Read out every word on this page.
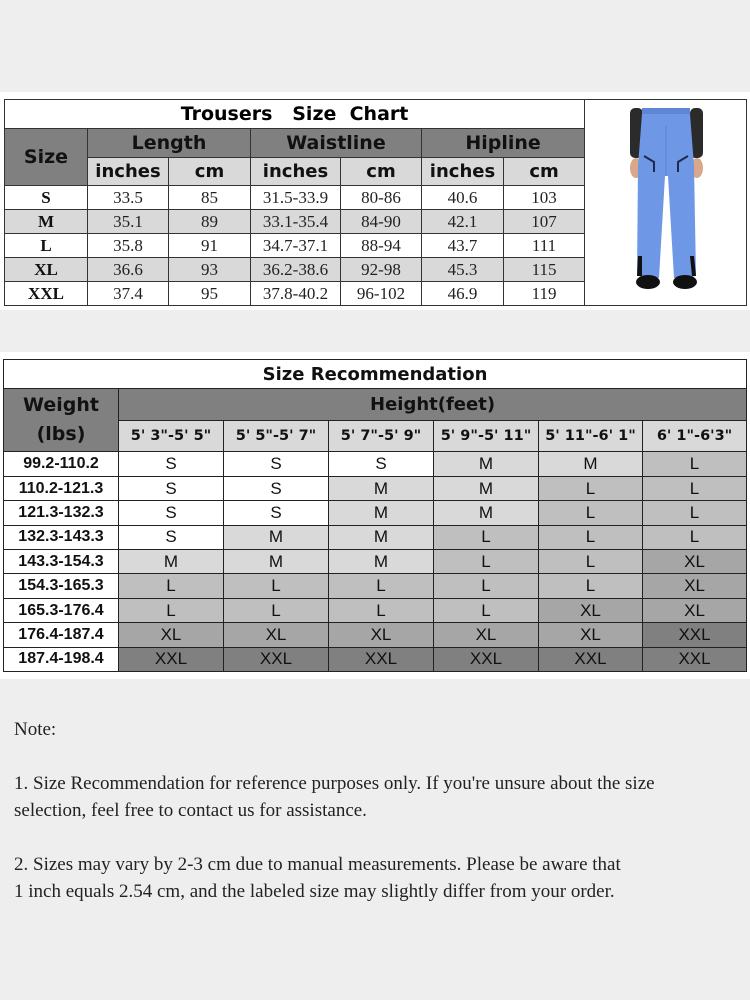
Trousers   Size  Chart	
Size	Length		Waistline		Hipline		
	inches	cm	inches	cm	inches	cm	
S	33.5	85	31.5-33.9	80-86	40.6	103	
M	35.1	89	33.1-35.4	84-90	42.1	107	
L	35.8	91	34.7-37.1	88-94	43.7	111	
XL	36.6	93	36.2-38.6	92-98	45.3	115	
XXL	37.4	95	37.8-40.2	96-102	46.9	119	
Size Recommendation						

Weight
(lbs)	Height(feet)					
	5' 3"-5' 5"	5' 5"-5' 7"	5' 7"-5' 9"	5' 9"-5' 11"	5' 11"-6' 1"	6' 1"-6'3"
99.2-110.2	S	S	S	M	M	L
110.2-121.3	S	S	M	M	L	L
121.3-132.3	S	S	M	M	L	L
132.3-143.3	S	M	M	L	L	L
143.3-154.3	M	M	M	L	L	XL
154.3-165.3	L	L	L	L	L	XL
165.3-176.4	L	L	L	L	XL	XL
176.4-187.4	XL	XL	XL	XL	XL	XXL
187.4-198.4	XXL	XXL	XXL	XXL	XXL	XXL

Note:

1. Size Recommendation for reference purposes only. If you're unsure about the size

selection, feel free to contact us for assistance.

2. Sizes may vary by 2-3 cm due to manual measurements. Please be aware that

1 inch equals 2.54 cm, and the labeled size may slightly differ from your order.
